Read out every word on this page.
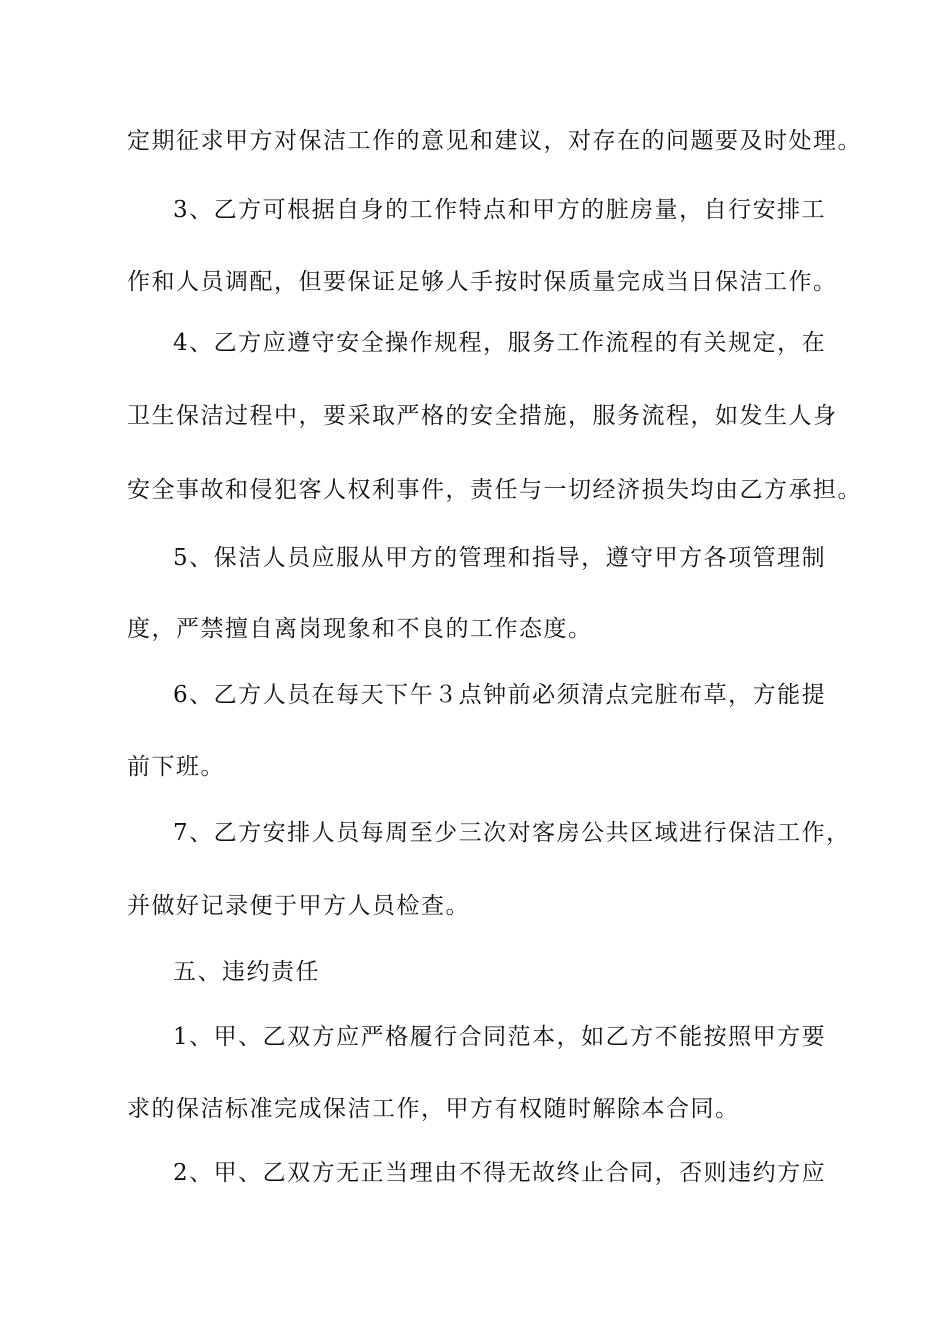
定期征求甲方对保洁工作的意见和建议，对存在的问题要及时处理。
3、乙方可根据自身的工作特点和甲方的脏房量，自行安排工
作和人员调配，但要保证足够人手按时保质量完成当日保洁工作。
4、乙方应遵守安全操作规程，服务工作流程的有关规定，在
卫生保洁过程中，要采取严格的安全措施，服务流程，如发生人身
安全事故和侵犯客人权利事件，责任与一切经济损失均由乙方承担。
5、保洁人员应服从甲方的管理和指导，遵守甲方各项管理制
度，严禁擅自离岗现象和不良的工作态度。
6、乙方人员在每天下午３点钟前必须清点完脏布草，方能提
前下班。
7、乙方安排人员每周至少三次对客房公共区域进行保洁工作，
并做好记录便于甲方人员检查。
五、违约责任
1、甲、乙双方应严格履行合同范本，如乙方不能按照甲方要
求的保洁标准完成保洁工作，甲方有权随时解除本合同。
2、甲、乙双方无正当理由不得无故终止合同，否则违约方应
